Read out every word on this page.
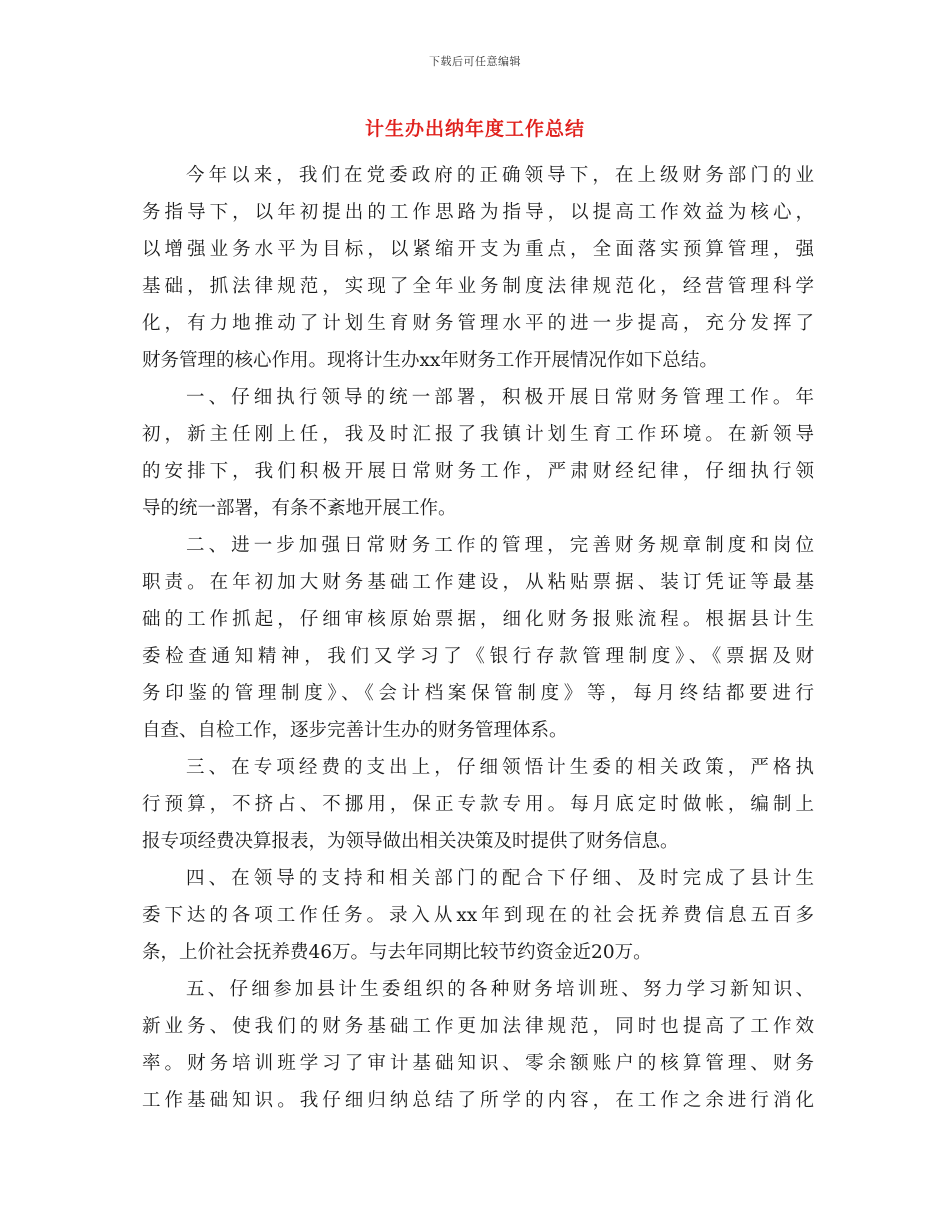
下载后可任意编辑
计生办出纳年度工作总结
今年以来，我们在党委政府的正确领导下，在上级财务部门的业
务指导下，以年初提出的工作思路为指导，以提高工作效益为核心，
以增强业务水平为目标，以紧缩开支为重点，全面落实预算管理，强
基础，抓法律规范，实现了全年业务制度法律规范化，经营管理科学
化，有力地推动了计划生育财务管理水平的进一步提高，充分发挥了
财务管理的核心作用。现将计生办xx年财务工作开展情况作如下总结。
一、仔细执行领导的统一部署，积极开展日常财务管理工作。年
初，新主任刚上任，我及时汇报了我镇计划生育工作环境。在新领导
的安排下，我们积极开展日常财务工作，严肃财经纪律，仔细执行领
导的统一部署，有条不紊地开展工作。
二、进一步加强日常财务工作的管理，完善财务规章制度和岗位
职责。在年初加大财务基础工作建设，从粘贴票据、装订凭证等最基
础的工作抓起，仔细审核原始票据，细化财务报账流程。根据县计生
委检查通知精神，我们又学习了《银行存款管理制度》、《票据及财
务印鉴的管理制度》、《会计档案保管制度》等，每月终结都要进行
自查、自检工作，逐步完善计生办的财务管理体系。
三、在专项经费的支出上，仔细领悟计生委的相关政策，严格执
行预算，不挤占、不挪用，保正专款专用。每月底定时做帐，编制上
报专项经费决算报表，为领导做出相关决策及时提供了财务信息。
四、在领导的支持和相关部门的配合下仔细、及时完成了县计生
委下达的各项工作任务。录入从xx年到现在的社会抚养费信息五百多
条，上价社会抚养费46万。与去年同期比较节约资金近20万。
五、仔细参加县计生委组织的各种财务培训班、努力学习新知识、
新业务、使我们的财务基础工作更加法律规范，同时也提高了工作效
率。财务培训班学习了审计基础知识、零余额账户的核算管理、财务
工作基础知识。我仔细归纳总结了所学的内容，在工作之余进行消化
